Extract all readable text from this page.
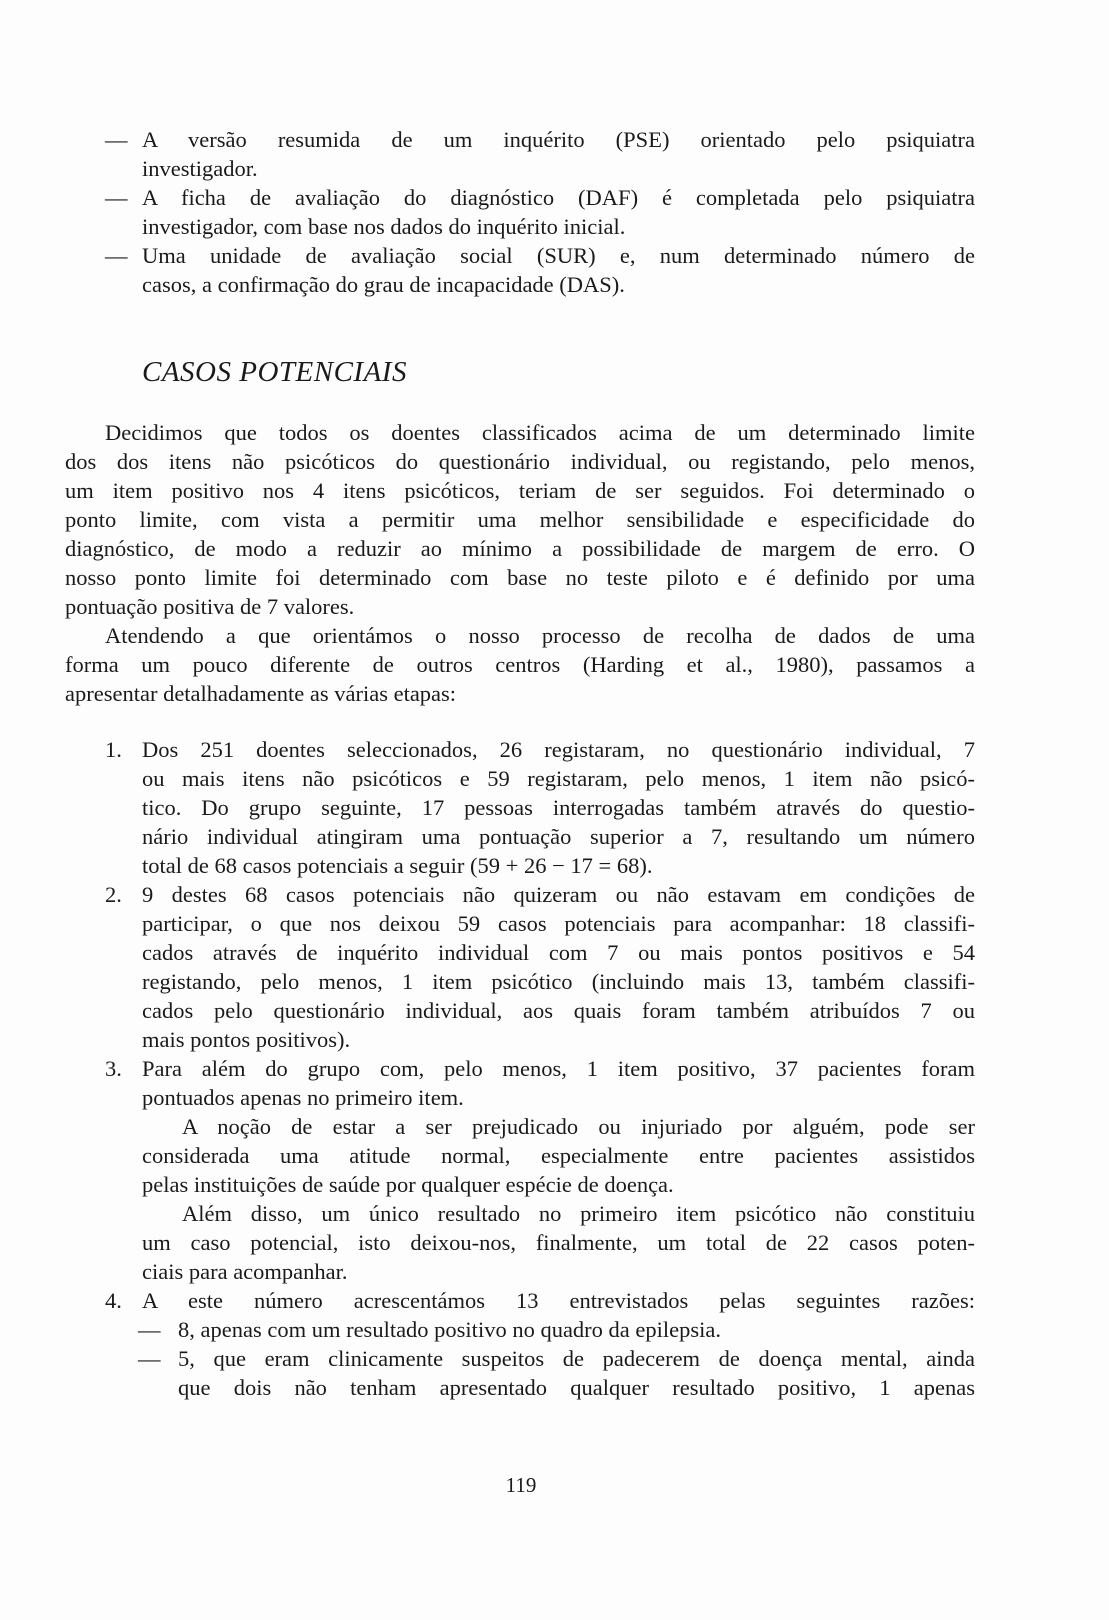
CASOS POTENCIAIS
119
— A versão resumida de um inquérito (PSE) orientado pelo psiquiatra
investigador.
— A ficha de avaliação do diagnóstico (DAF) é completada pelo psiquiatra
investigador, com base nos dados do inquérito inicial.
— Uma unidade de avaliação social (SUR) e, num determinado número de
casos, a confirmação do grau de incapacidade (DAS).
Decidimos que todos os doentes classificados acima de um determinado limite
dos dos itens não psicóticos do questionário individual, ou registando, pelo menos,
um item positivo nos 4 itens psicóticos, teriam de ser seguidos. Foi determinado o
ponto limite, com vista a permitir uma melhor sensibilidade e especificidade do
diagnóstico, de modo a reduzir ao mínimo a possibilidade de margem de erro. O
nosso ponto limite foi determinado com base no teste piloto e é definido por uma
pontuação positiva de 7 valores.
Atendendo a que orientámos o nosso processo de recolha de dados de uma
forma um pouco diferente de outros centros (Harding et al., 1980), passamos a
apresentar detalhadamente as várias etapas:
1. Dos 251 doentes seleccionados, 26 registaram, no questionário individual, 7
ou mais itens não psicóticos e 59 registaram, pelo menos, 1 item não psicó-
tico. Do grupo seguinte, 17 pessoas interrogadas também através do questio-
nário individual atingiram uma pontuação superior a 7, resultando um número
total de 68 casos potenciais a seguir (59 + 26 − 17 = 68).
2. 9 destes 68 casos potenciais não quizeram ou não estavam em condições de
participar, o que nos deixou 59 casos potenciais para acompanhar: 18 classifi-
cados através de inquérito individual com 7 ou mais pontos positivos e 54
registando, pelo menos, 1 item psicótico (incluindo mais 13, também classifi-
cados pelo questionário individual, aos quais foram também atribuídos 7 ou
mais pontos positivos).
3. Para além do grupo com, pelo menos, 1 item positivo, 37 pacientes foram
pontuados apenas no primeiro item.
A noção de estar a ser prejudicado ou injuriado por alguém, pode ser
considerada uma atitude normal, especialmente entre pacientes assistidos
pelas instituições de saúde por qualquer espécie de doença.
Além disso, um único resultado no primeiro item psicótico não constituiu
um caso potencial, isto deixou-nos, finalmente, um total de 22 casos poten-
ciais para acompanhar.
4. A este número acrescentámos 13 entrevistados pelas seguintes razões:
— 8, apenas com um resultado positivo no quadro da epilepsia.
— 5, que eram clinicamente suspeitos de padecerem de doença mental, ainda
que dois não tenham apresentado qualquer resultado positivo, 1 apenas
